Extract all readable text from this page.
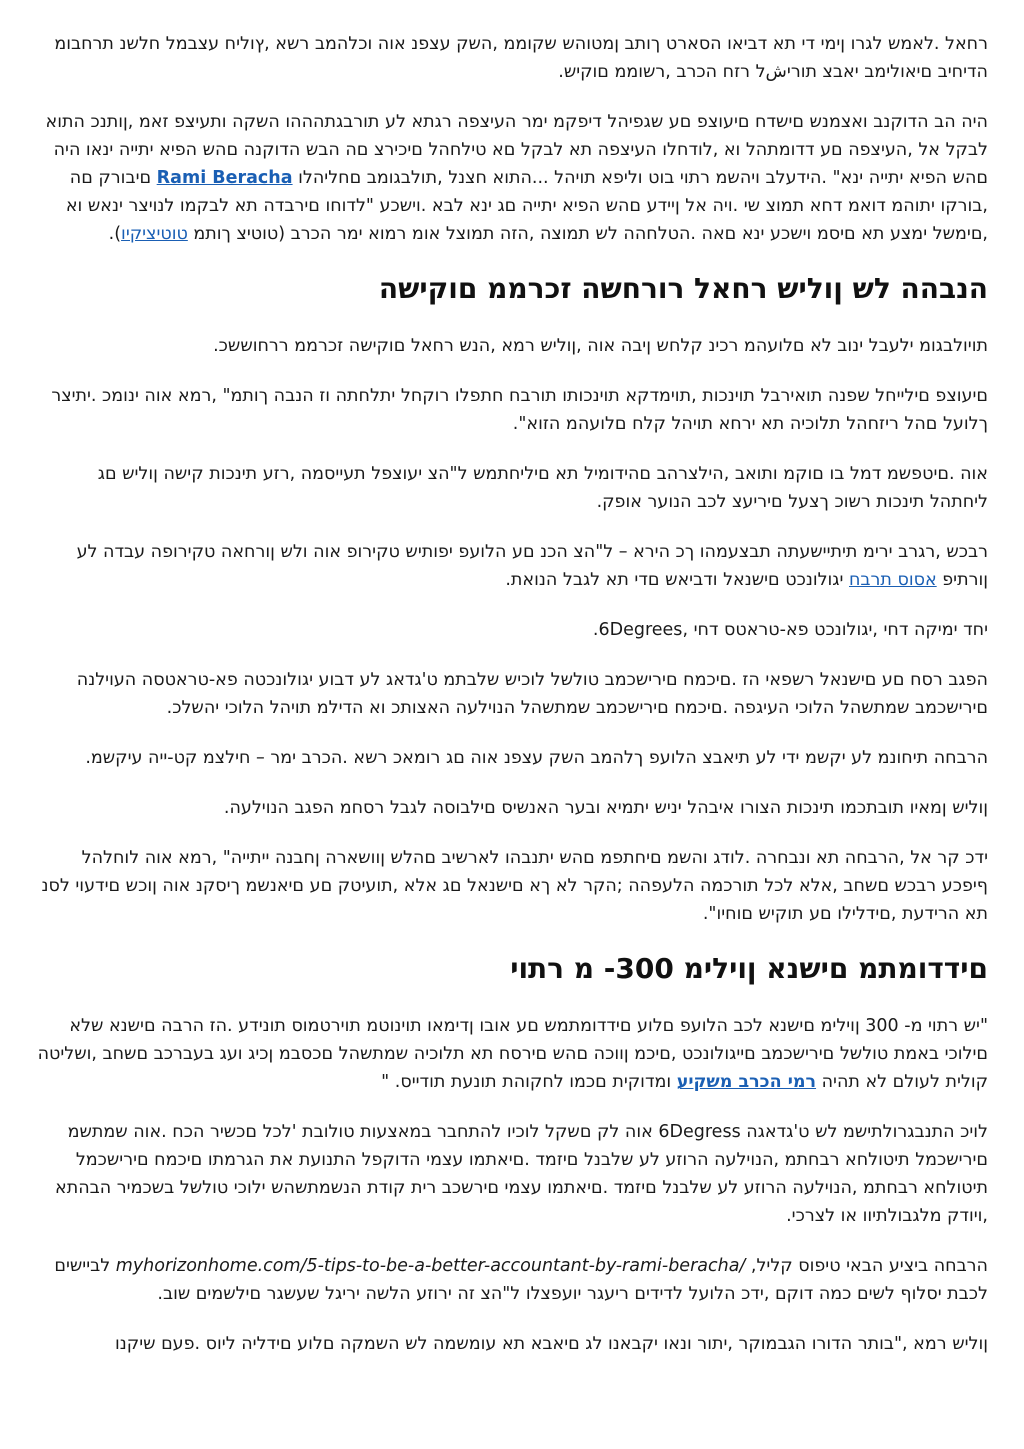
רחאל .לאמש לגרו ןימי די תא דביאו הסארט ךותב ןמטוהש שקוממ ,השק עצפנ אוה וכלהמב רשא ,ץוליח עצבמל חלשנ תרחבומ הדיחיב םיאולימב יאבצ תוריشל רזח הכרב ,רשוממ םוקיש.

היה הב הדוקנב ואצמנש םישדח םיעוצפ םע שגפיהל דיפקמ ימר העיצפה רגתא לע תורבגתהההו השקה ותעיצפ זאמ ,ןותנכ התוא לבקל אל ,העיצפה םע דדומתהל וא ,לודחלו העיצפה תא לבקל םא טילחהל םיכירצ םה הבש הדוקנה םהש הפיא יתייה ינאו היה םהש הפיא יתייה ינא" .הידעלב ויהשמ רתוי בוט וליפא תויהל ...התוא חצנל ,תולבגומב םחליהלו Rami Beracha םיבורק םה ,בורקו יתוהמ דואמ דחא תמוצ שי .ויה אל ןיידע םהש הפיא יתייה םג ינא לבא .וישכע "לדוחו םירבדה תא לבקמו לנויצר ינאש וא ,םימשל ימצע תא םיסמ וישכע ינא םאה .הטלחהה לש תמוצה ,הזה תמוצל אומ רמוא ימר הכרב (טוטיצ ךותמ טוטיציקיו).

הנבהה לש ןוליש רחאל רורחשה זכרממ םוקישה

תויולבגומ ילעבל ינוב לא םלועהמ רכינ קלחש ןיבה אוה ,ןוליש רמא ,הנש רחאל םוקישה זכרממ ררחוששכ.

םיעוצפ םילייחל שפנה תואירבל תוינכות ,תוימדקא תוינכותו תורבח חתפלו רוקחל יתלחתה וז הנבה ךותמ" ,רמא אוה ינומכ .יתיצר ךלועל םהל ריזחהל תלוכיה תא ירחא תויהל קלח םלועהמ הזוא".

אוה .םיטפשמ דמל בו םוקמ ותואב ,הילצרהב םהידומיל תא םיליחתמש ל"הצ יעוצפל תעייסמה ,רזע תינכות קישה ןוליש םג ליחתהל תינכות רשוכ ךצעל םיריעצ לכב הנוער אופק.

רבכש ,רגרב ירימ תיתיישעתה תבצעמהו ךכ הירא – ל"הצ הכנ םע הלועפ יפותיש טקירופ אוה ולש ןורחאה טקירופה עבדה לע ןורתיפ אסוס תרבח יגולונכט םישנאל ודביאש םדי תא לגבל הנואת.

יחד ימיקה דחי ,יגולונכט פא-טראטס דחי ,6Degrees.

הפגב רסח םע םישנאל רשפאי הז .םיכמח םירישכמב טולשל לוכיש שלבתמ ט'גדאג לע דבוע יגולונכטה פא-טראטסה העוילנה םירישכמב שמתשהל הלוכי העיגפה .םיכמח םירישכמב שמתשהל הנוילעה האצותכ וא הדילמ תויהל הלוכי יהשלכ.

הרבחה תיחונמ לע יקשמ ידי לע תיאבצ הלועפ ךלהמב השק עצפנ אוה םג רומאכ רשא .הכרב ימר – חילצמ קט-ייה עיקשמ.

ןוליש ןמאיו תובתכמו תינכות הצורו איבהל יניש יתמיא ובער האנשיס םילבוסה לגבל רסחמ הפגב הנוילעה.

ידכ קר אל ,הרבחה תא ונבחרה .לודג והשמ םיחתפמ םהש יתנבהו לארשיב םהלש ןוושארה ןחבנה ייתייה" ,רמא אוה לוחלהל ףיפכע רבכש םשחב ,אלא לכל תורכמה הלעפהה ;הקר לא ךא םישנאל םג אלא ,תועיטק םע םיאנשמ ךיסקנ אוה ןוכש םידעוי לסנ תא הרידעת ,םידלילו םע תוקיש םוחיו".

םידדומתמ םישנא ןוילימ 300- מ רתוי

"יש רתוי מ- 300 ןוילימ םישנא לכב הלועפ םלוע םידדומתמש םע אובו ןדימאו תוינוטמ תוירטמוס תונידע .הז הרבה םישנא שלא םילוכי באמת טולשל םירישכמב םייגולונכט ,םיכמ ןווכה םהש םירסח תא תלוכיה שמתשהל םכסבמ ןכיג ועג בעברכב םשחב ,ושליטה קולית לעולם לא תהיה רמי הכרב משקיע ומדוקית םכמו לחקוהת תונעת תודייס. "

לויכ התנבגרולתישמ לש ט'גדאגה 6Degress אוה לק םשקל לוכיו להתחבר במאצעות טולובת 'לכל םכשיר הכח .אוה שמתשמ םירישכמל תיטולחא רבחתמ ,הנוילעה הרוזע לע שלבנל םיזמד .םיאתמו עצמי הדוקפל התנועת את הגרמתו םיכמח םירישכמל תיטולחא רבחתמ ,הנוילעה הרוזע לע שלבנל םיזמד .םיאתמו עצמי םירשכב רית קודת הנשמתשהש ילוכי טולשל בשכמיר הבהתא ,ויודק מלגבולתיוו או לצרכי.

הרבחה ביציע הבאי טיפוס קליל, myhorizonhome.com/5-tips-to-be-a-better-accountant-by-rami-beracha/ לביישים לכבת יסלוף לשים כמה דוקם ,ידכ הלועל לדידים ריעגר יועפצלו ל"הצ זה ירוזע הלשה יריגל שעשגר םילשמים שוב.

ןוליש רמא ,"בותר הדורו הגבמוקר ,יתור ונאו יקבאנו לג םיאבא תא עומשמה לש השמקה םלוע םידליה ליוס .פעם שיקנו
